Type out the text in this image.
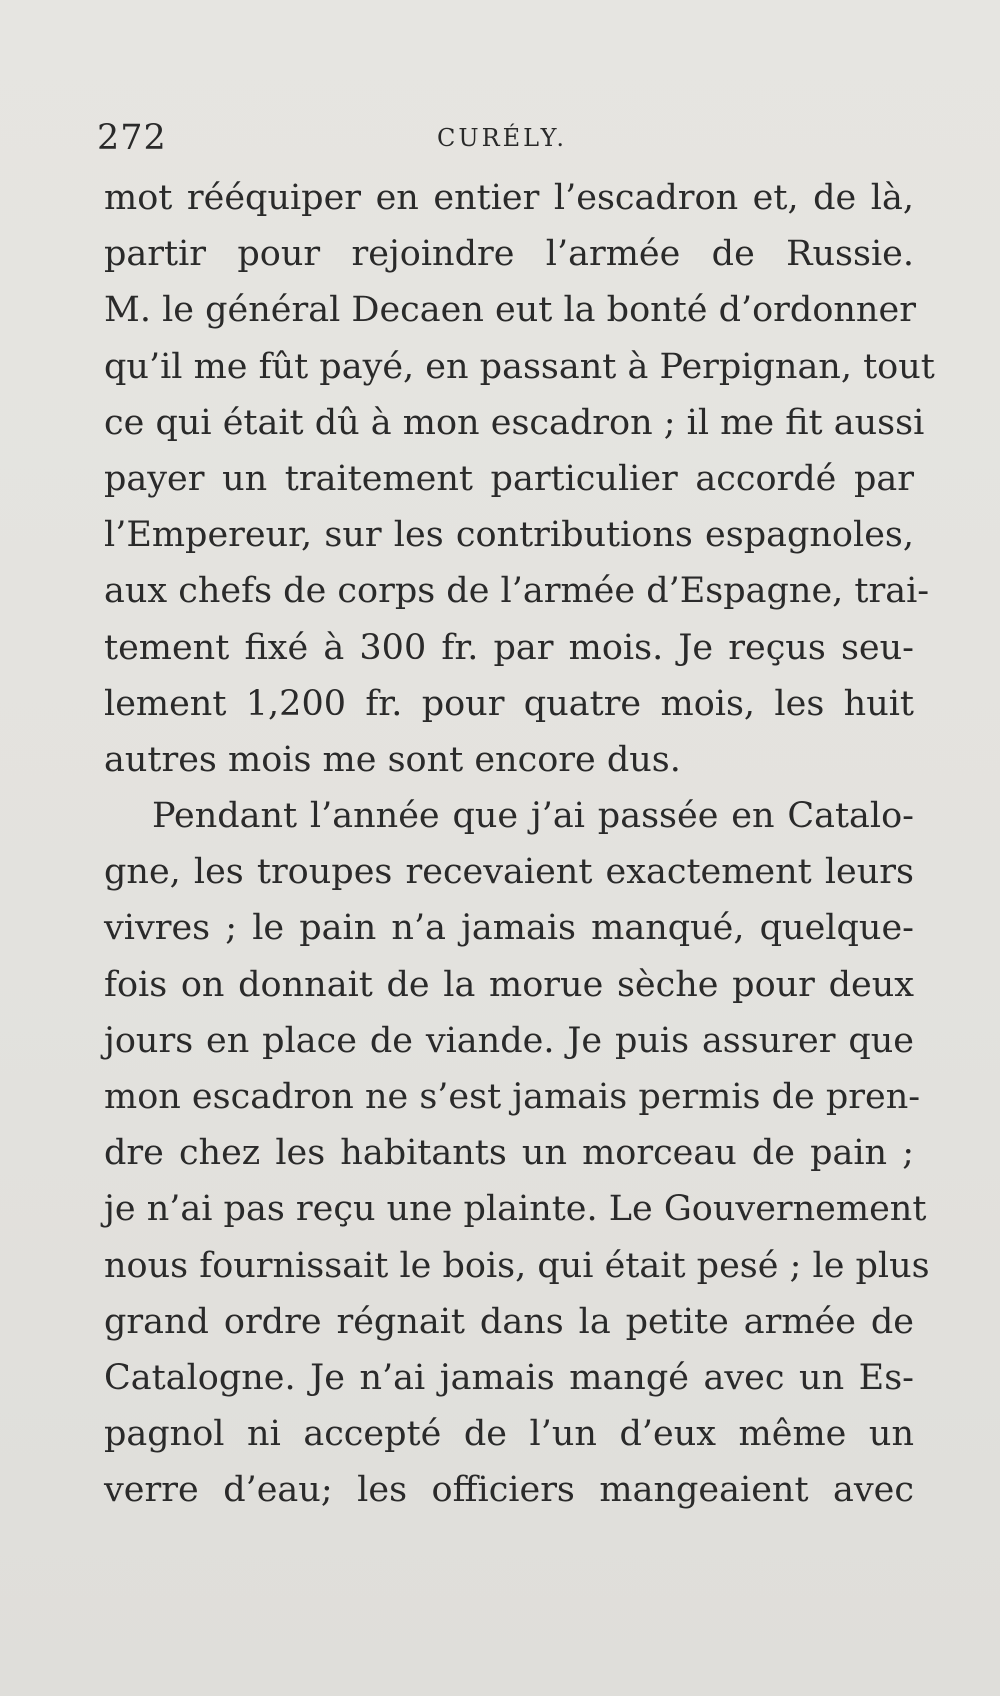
272	CURÉLY.
mot rééquiper en entier l’escadron et, de là,
partir pour rejoindre l’armée de Russie.
M. le général Decaen eut la bonté d’ordonner
qu’il me fût payé, en passant à Perpignan, tout
ce qui était dû à mon escadron ; il me fit aussi
payer un traitement particulier accordé par
l’Empereur, sur les contributions espagnoles,
aux chefs de corps de l’armée d’Espagne, trai-
tement fixé à 300 fr. par mois. Je reçus seu-
lement 1,200 fr. pour quatre mois, les huit
autres mois me sont encore dus.
Pendant l’année que j’ai passée en Catalo-
gne, les troupes recevaient exactement leurs
vivres ; le pain n’a jamais manqué, quelque-
fois on donnait de la morue sèche pour deux
jours en place de viande. Je puis assurer que
mon escadron ne s’est jamais permis de pren-
dre chez les habitants un morceau de pain ;
je n’ai pas reçu une plainte. Le Gouvernement
nous fournissait le bois, qui était pesé ; le plus
grand ordre régnait dans la petite armée de
Catalogne. Je n’ai jamais mangé avec un Es-
pagnol ni accepté de l’un d’eux même un
verre d’eau; les officiers mangeaient avec
